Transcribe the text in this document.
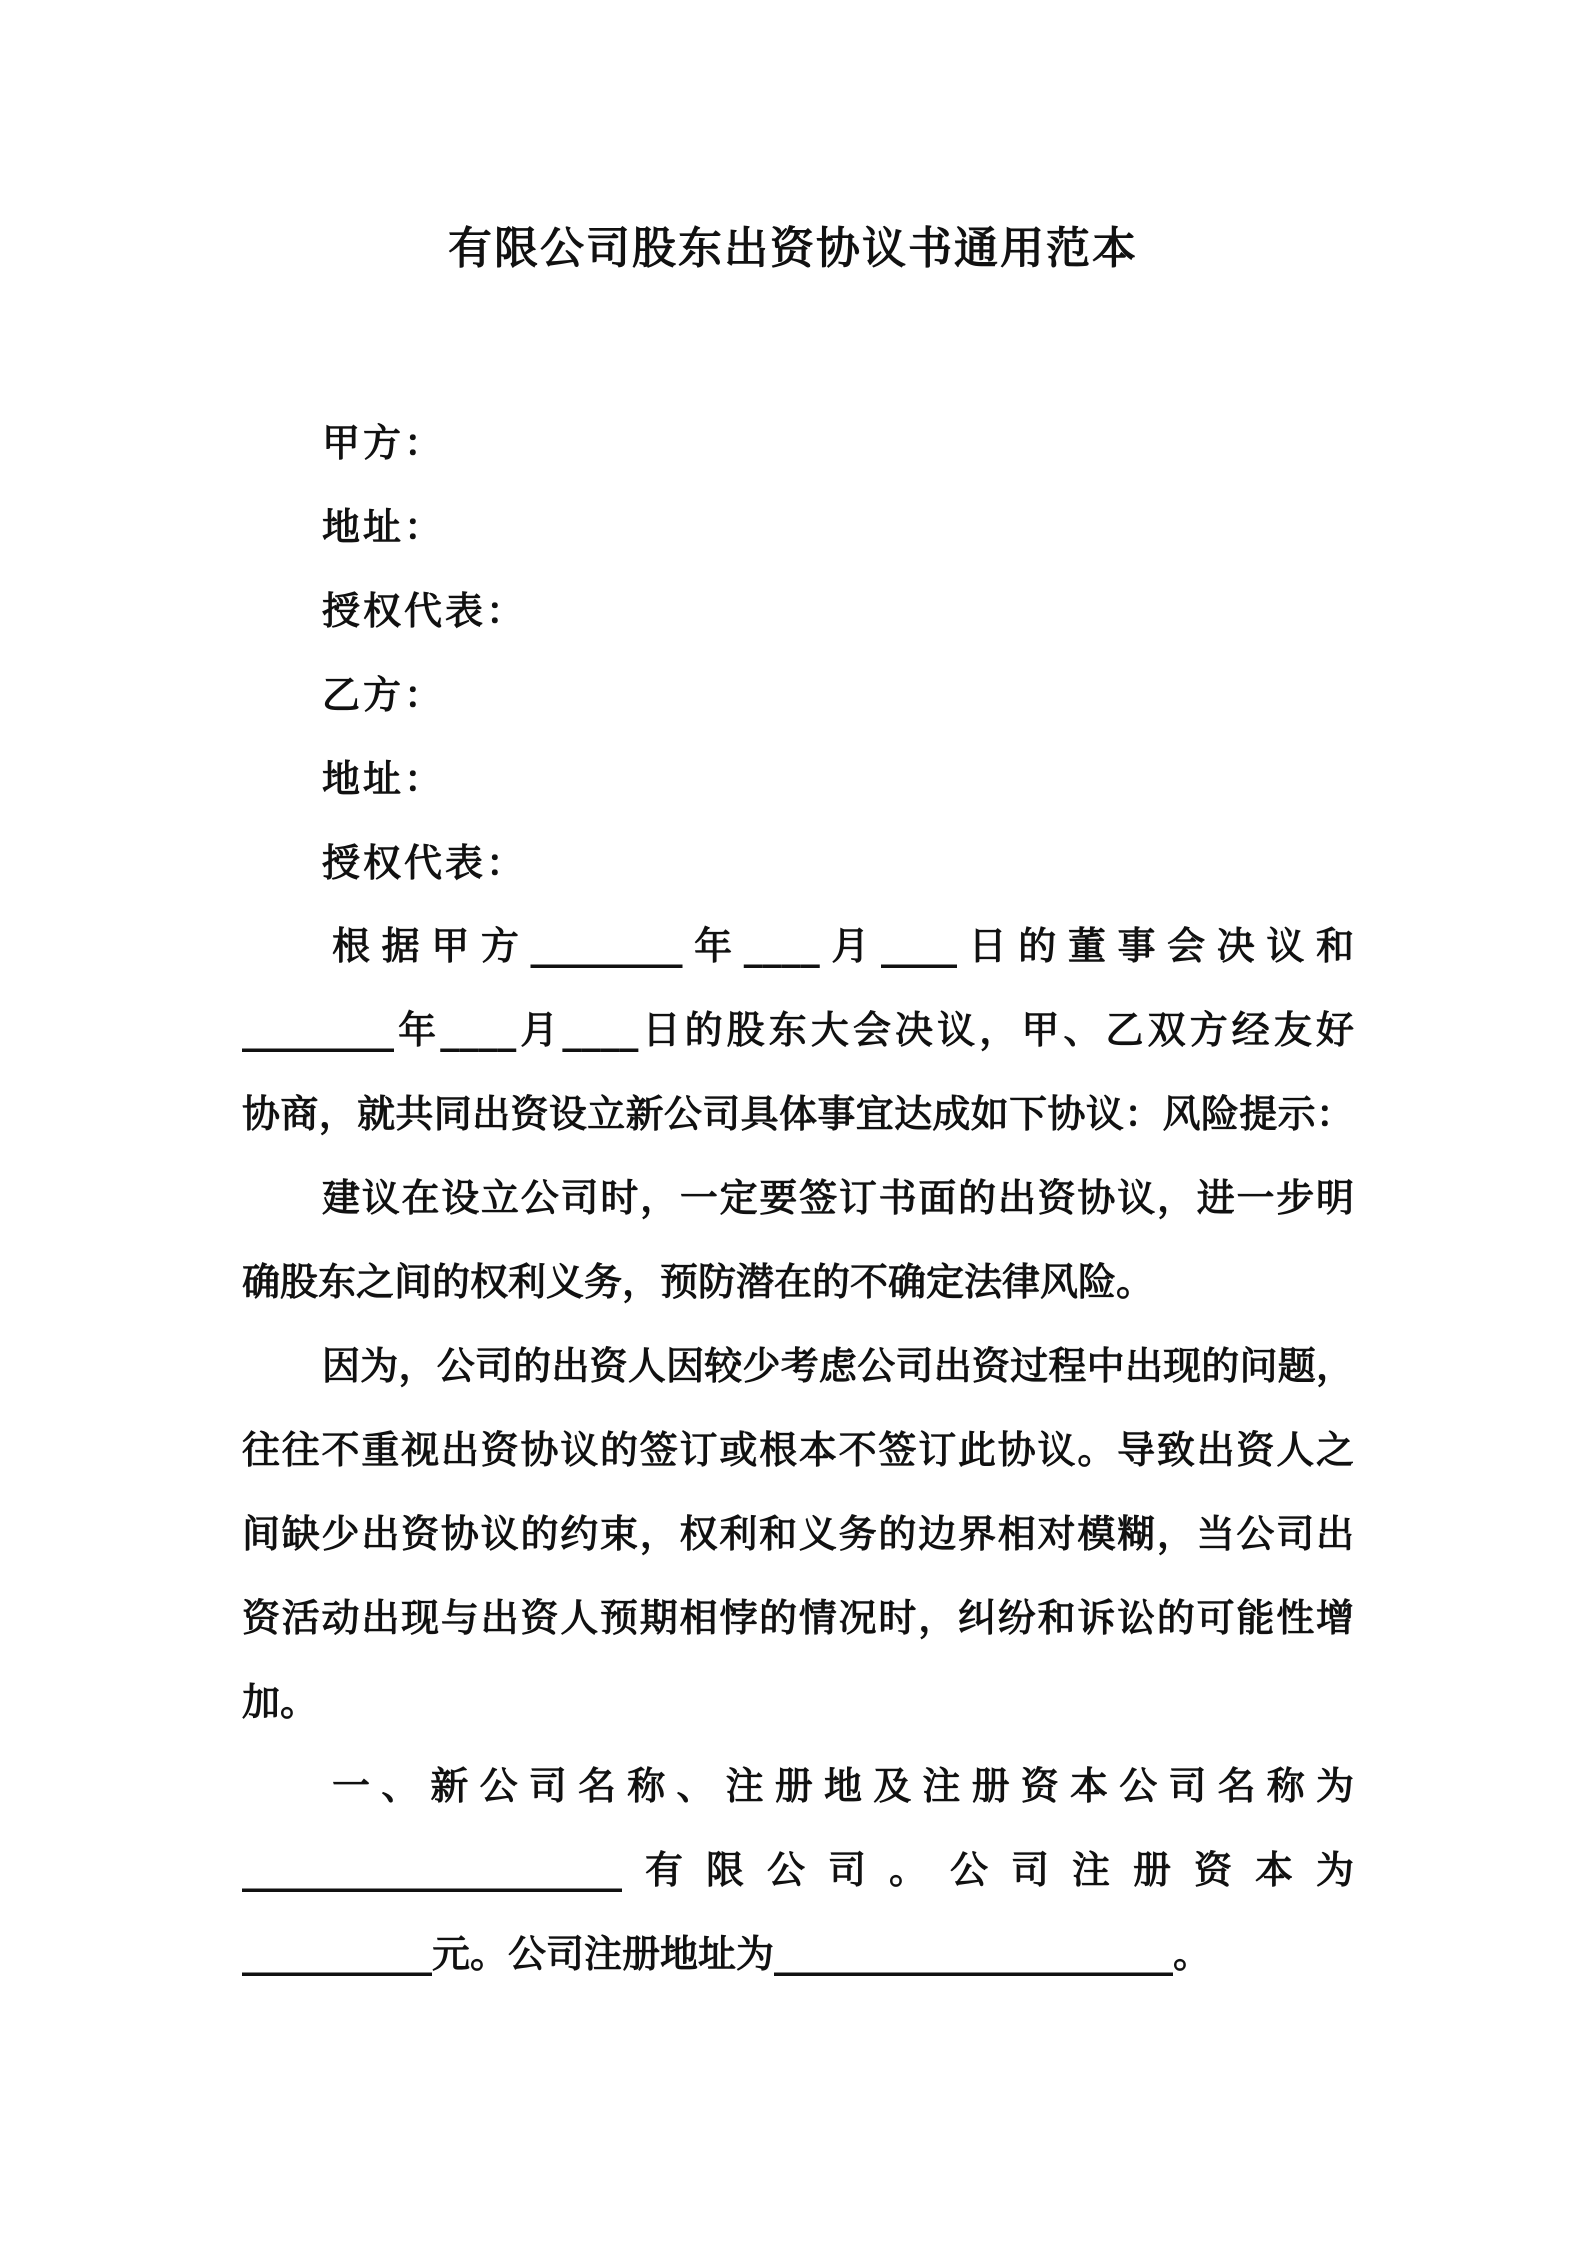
有限公司股东出资协议书通用范本
甲方：
地址：
授权代表：
乙方：
地址：
授权代表：
根据甲方________年____月____日的董事会决议和
________年____月____日的股东大会决议，甲、乙双方经友好
协商，就共同出资设立新公司具体事宜达成如下协议：风险提示：
建议在设立公司时，一定要签订书面的出资协议，进一步明
确股东之间的权利义务，预防潜在的不确定法律风险。
因为，公司的出资人因较少考虑公司出资过程中出现的问题，
往往不重视出资协议的签订或根本不签订此协议。导致出资人之
间缺少出资协议的约束，权利和义务的边界相对模糊，当公司出
资活动出现与出资人预期相悖的情况时，纠纷和诉讼的可能性增
加。
一、新公司名称、注册地及注册资本公司名称为
____________________有限公司。公司注册资本为
__________元。公司注册地址为_____________________。
